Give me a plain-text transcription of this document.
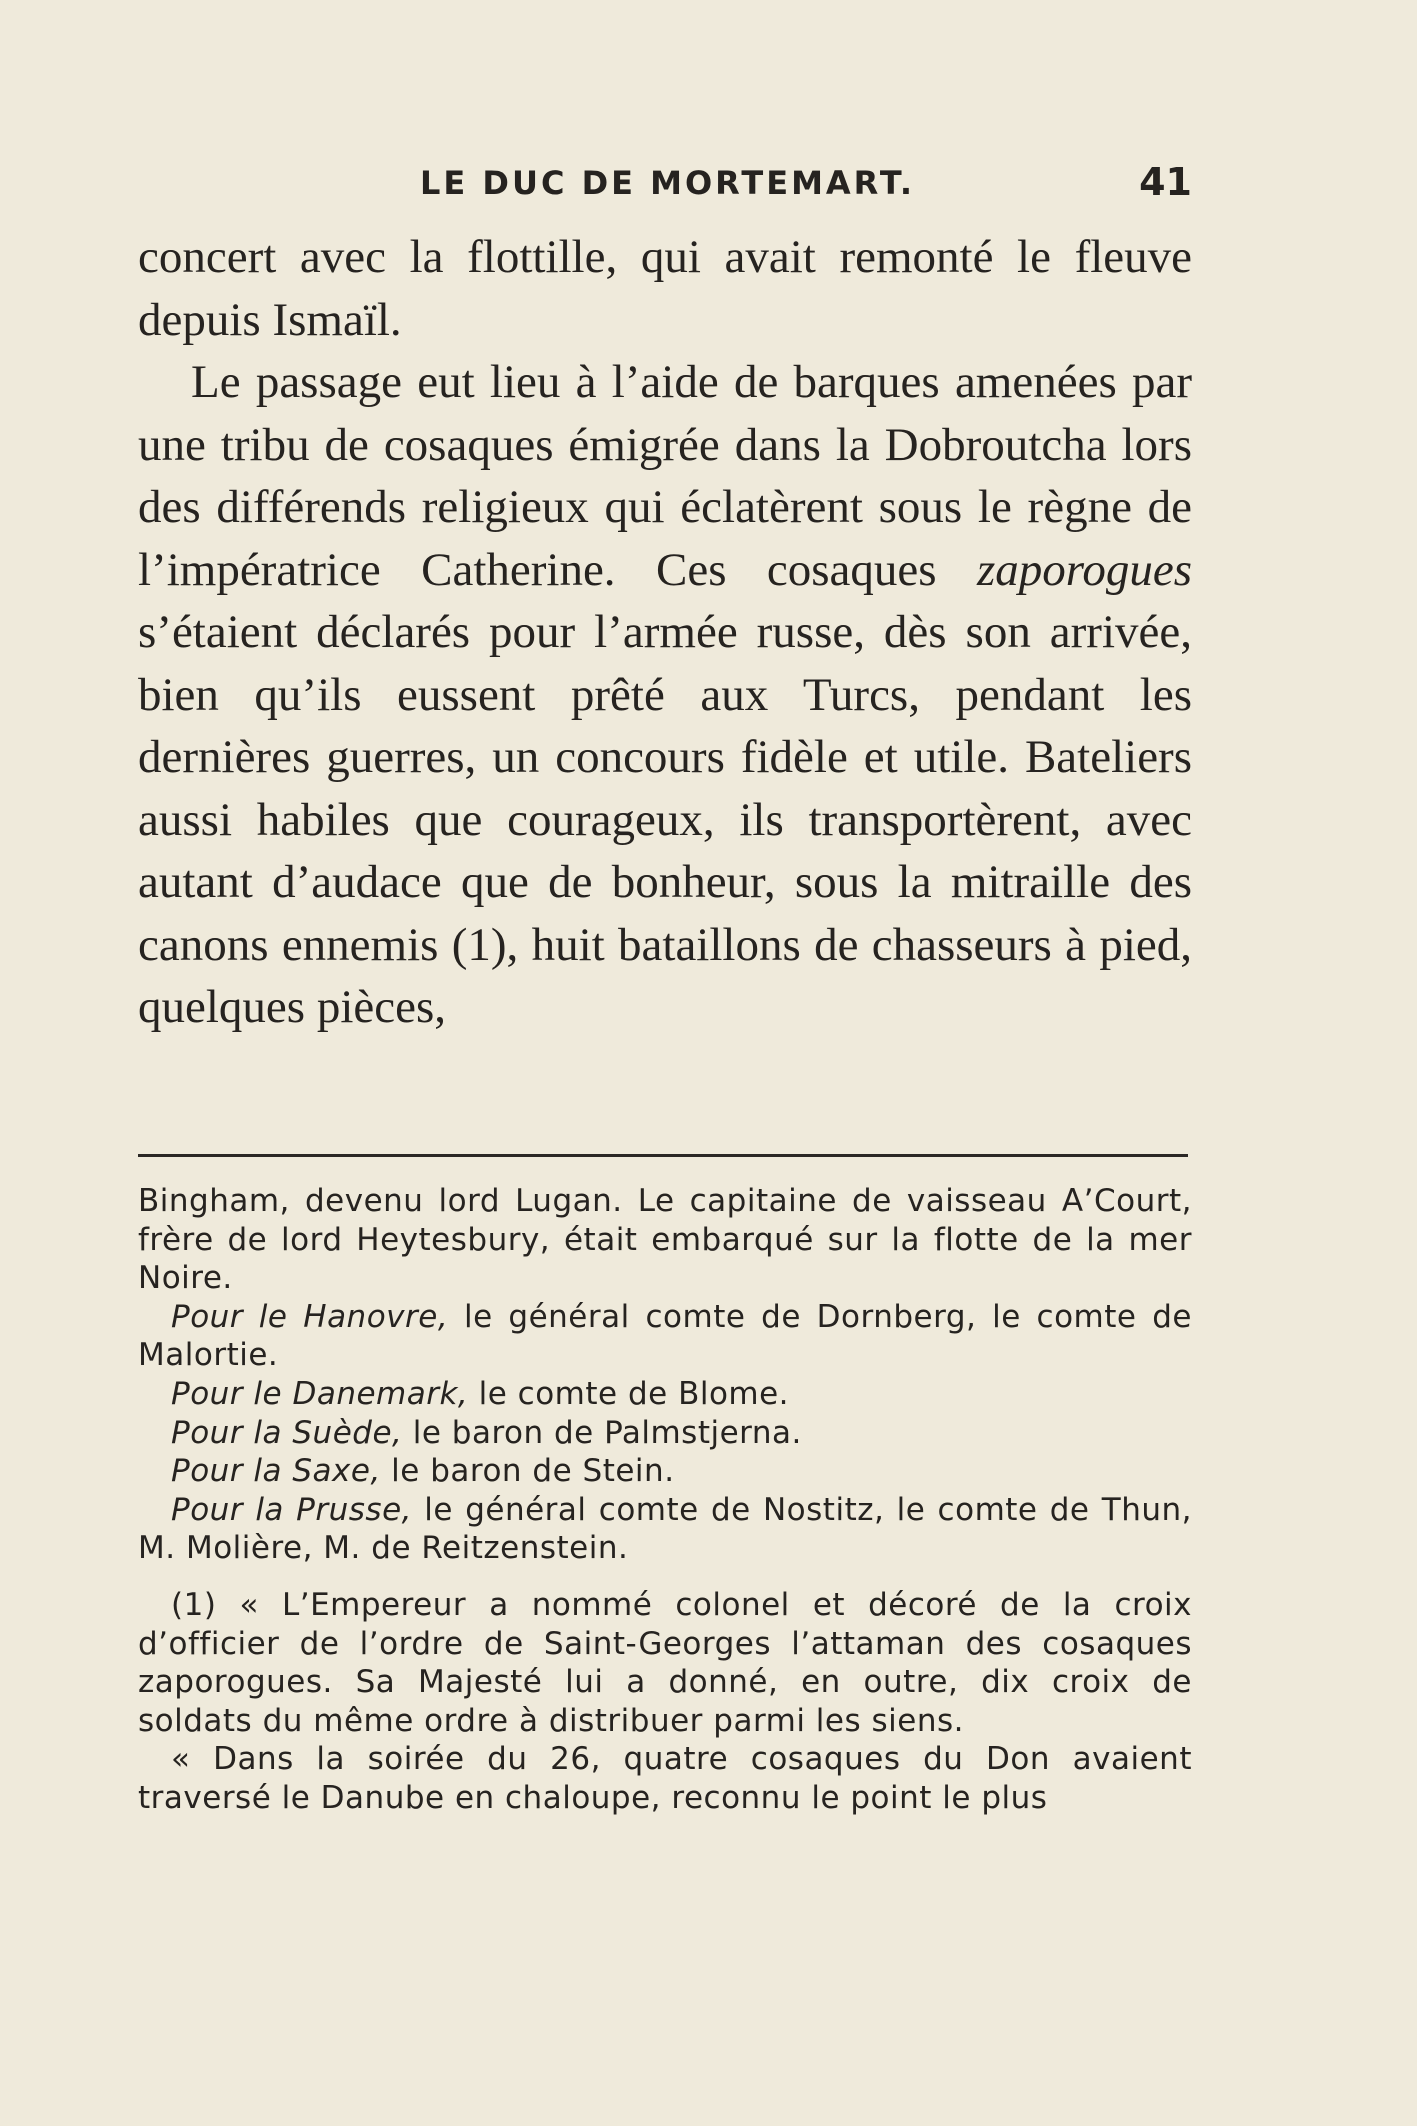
LE DUC DE MORTEMART.	41

concert avec la flottille, qui avait remonté le fleuve depuis Ismaïl.

Le passage eut lieu à l’aide de barques amenées par une tribu de cosaques émigrée dans la Dobroutcha lors des différends religieux qui éclatèrent sous le règne de l’impératrice Catherine. Ces cosaques zaporogues s’étaient déclarés pour l’armée russe, dès son arrivée, bien qu’ils eussent prêté aux Turcs, pendant les dernières guerres, un concours fidèle et utile. Bateliers aussi habiles que courageux, ils transportèrent, avec autant d’audace que de bonheur, sous la mitraille des canons ennemis (1), huit bataillons de chasseurs à pied, quelques pièces,

Bingham, devenu lord Lugan. Le capitaine de vaisseau A’Court, frère de lord Heytesbury, était embarqué sur la flotte de la mer Noire.

Pour le Hanovre, le général comte de Dornberg, le comte de Malortie.

Pour le Danemark, le comte de Blome.

Pour la Suède, le baron de Palmstjerna.

Pour la Saxe, le baron de Stein.

Pour la Prusse, le général comte de Nostitz, le comte de Thun, M. Molière, M. de Reitzenstein.

(1) « L’Empereur a nommé colonel et décoré de la croix d’officier de l’ordre de Saint-Georges l’attaman des cosaques zaporogues. Sa Majesté lui a donné, en outre, dix croix de soldats du même ordre à distribuer parmi les siens.

« Dans la soirée du 26, quatre cosaques du Don avaient traversé le Danube en chaloupe, reconnu le point le plus
